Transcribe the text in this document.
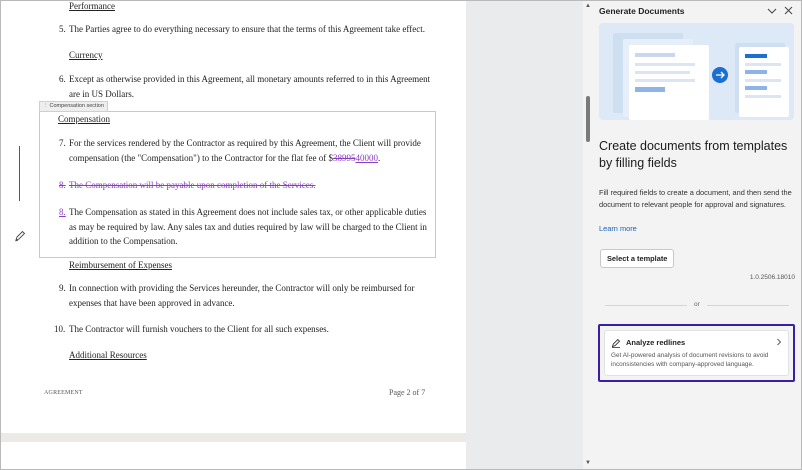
Performance
5. The Parties agree to do everything necessary to ensure that the terms of this Agreement take effect.
Currency
6. Except as otherwise provided in this Agreement, all monetary amounts referred to in this Agreement are in US Dollars.
⋮Compensation section
Compensation
7. For the services rendered by the Contractor as required by this Agreement, the Client will provide compensation (the "Compensation") to the Contractor for the flat fee of $3899540000.
8. The Compensation will be payable upon completion of the Services.
8. The Compensation as stated in this Agreement does not include sales tax, or other applicable duties as may be required by law. Any sales tax and duties required by law will be charged to the Client in addition to the Compensation.
Reimbursement of Expenses
9. In connection with providing the Services hereunder, the Contractor will only be reimbursed for expenses that have been approved in advance.
10. The Contractor will furnish vouchers to the Client for all such expenses.
Additional Resources
AGREEMENT	Page 2 of 7
▲
▼
Generate Documents
Create documents from templates by filling fields
Fill required fields to create a document, and then send the document to relevant people for approval and signatures.
Learn more
Select a template
1.0.2506.18010
or
Analyze redlines
Get AI-powered analysis of document revisions to avoid inconsistencies with company-approved language.
